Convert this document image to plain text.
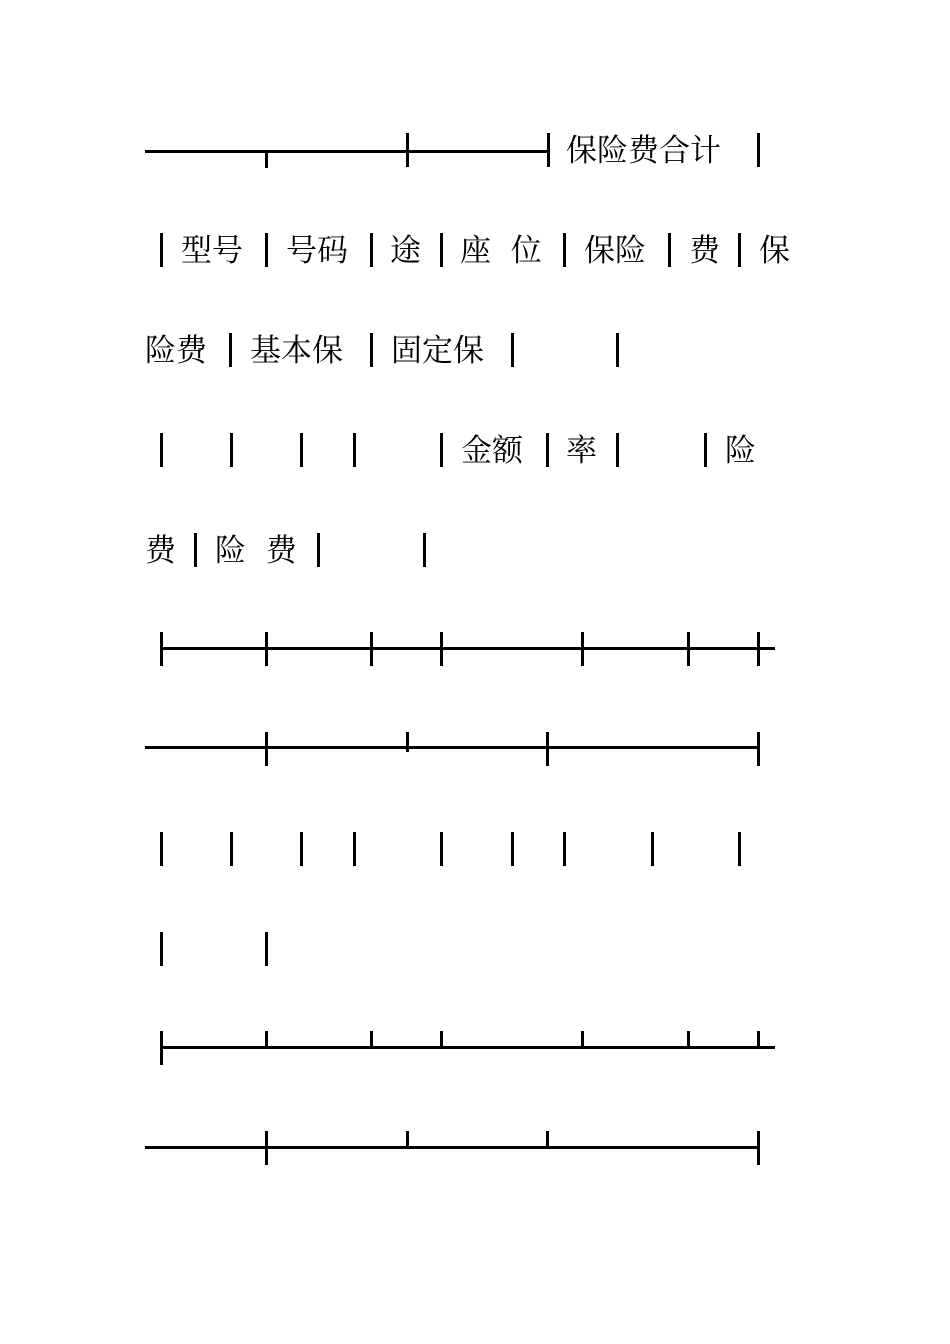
保险费合计
型号 号码 途 座  位 保险 费 保
险费 基本保 固定保
金额 率	险
费 险  费
